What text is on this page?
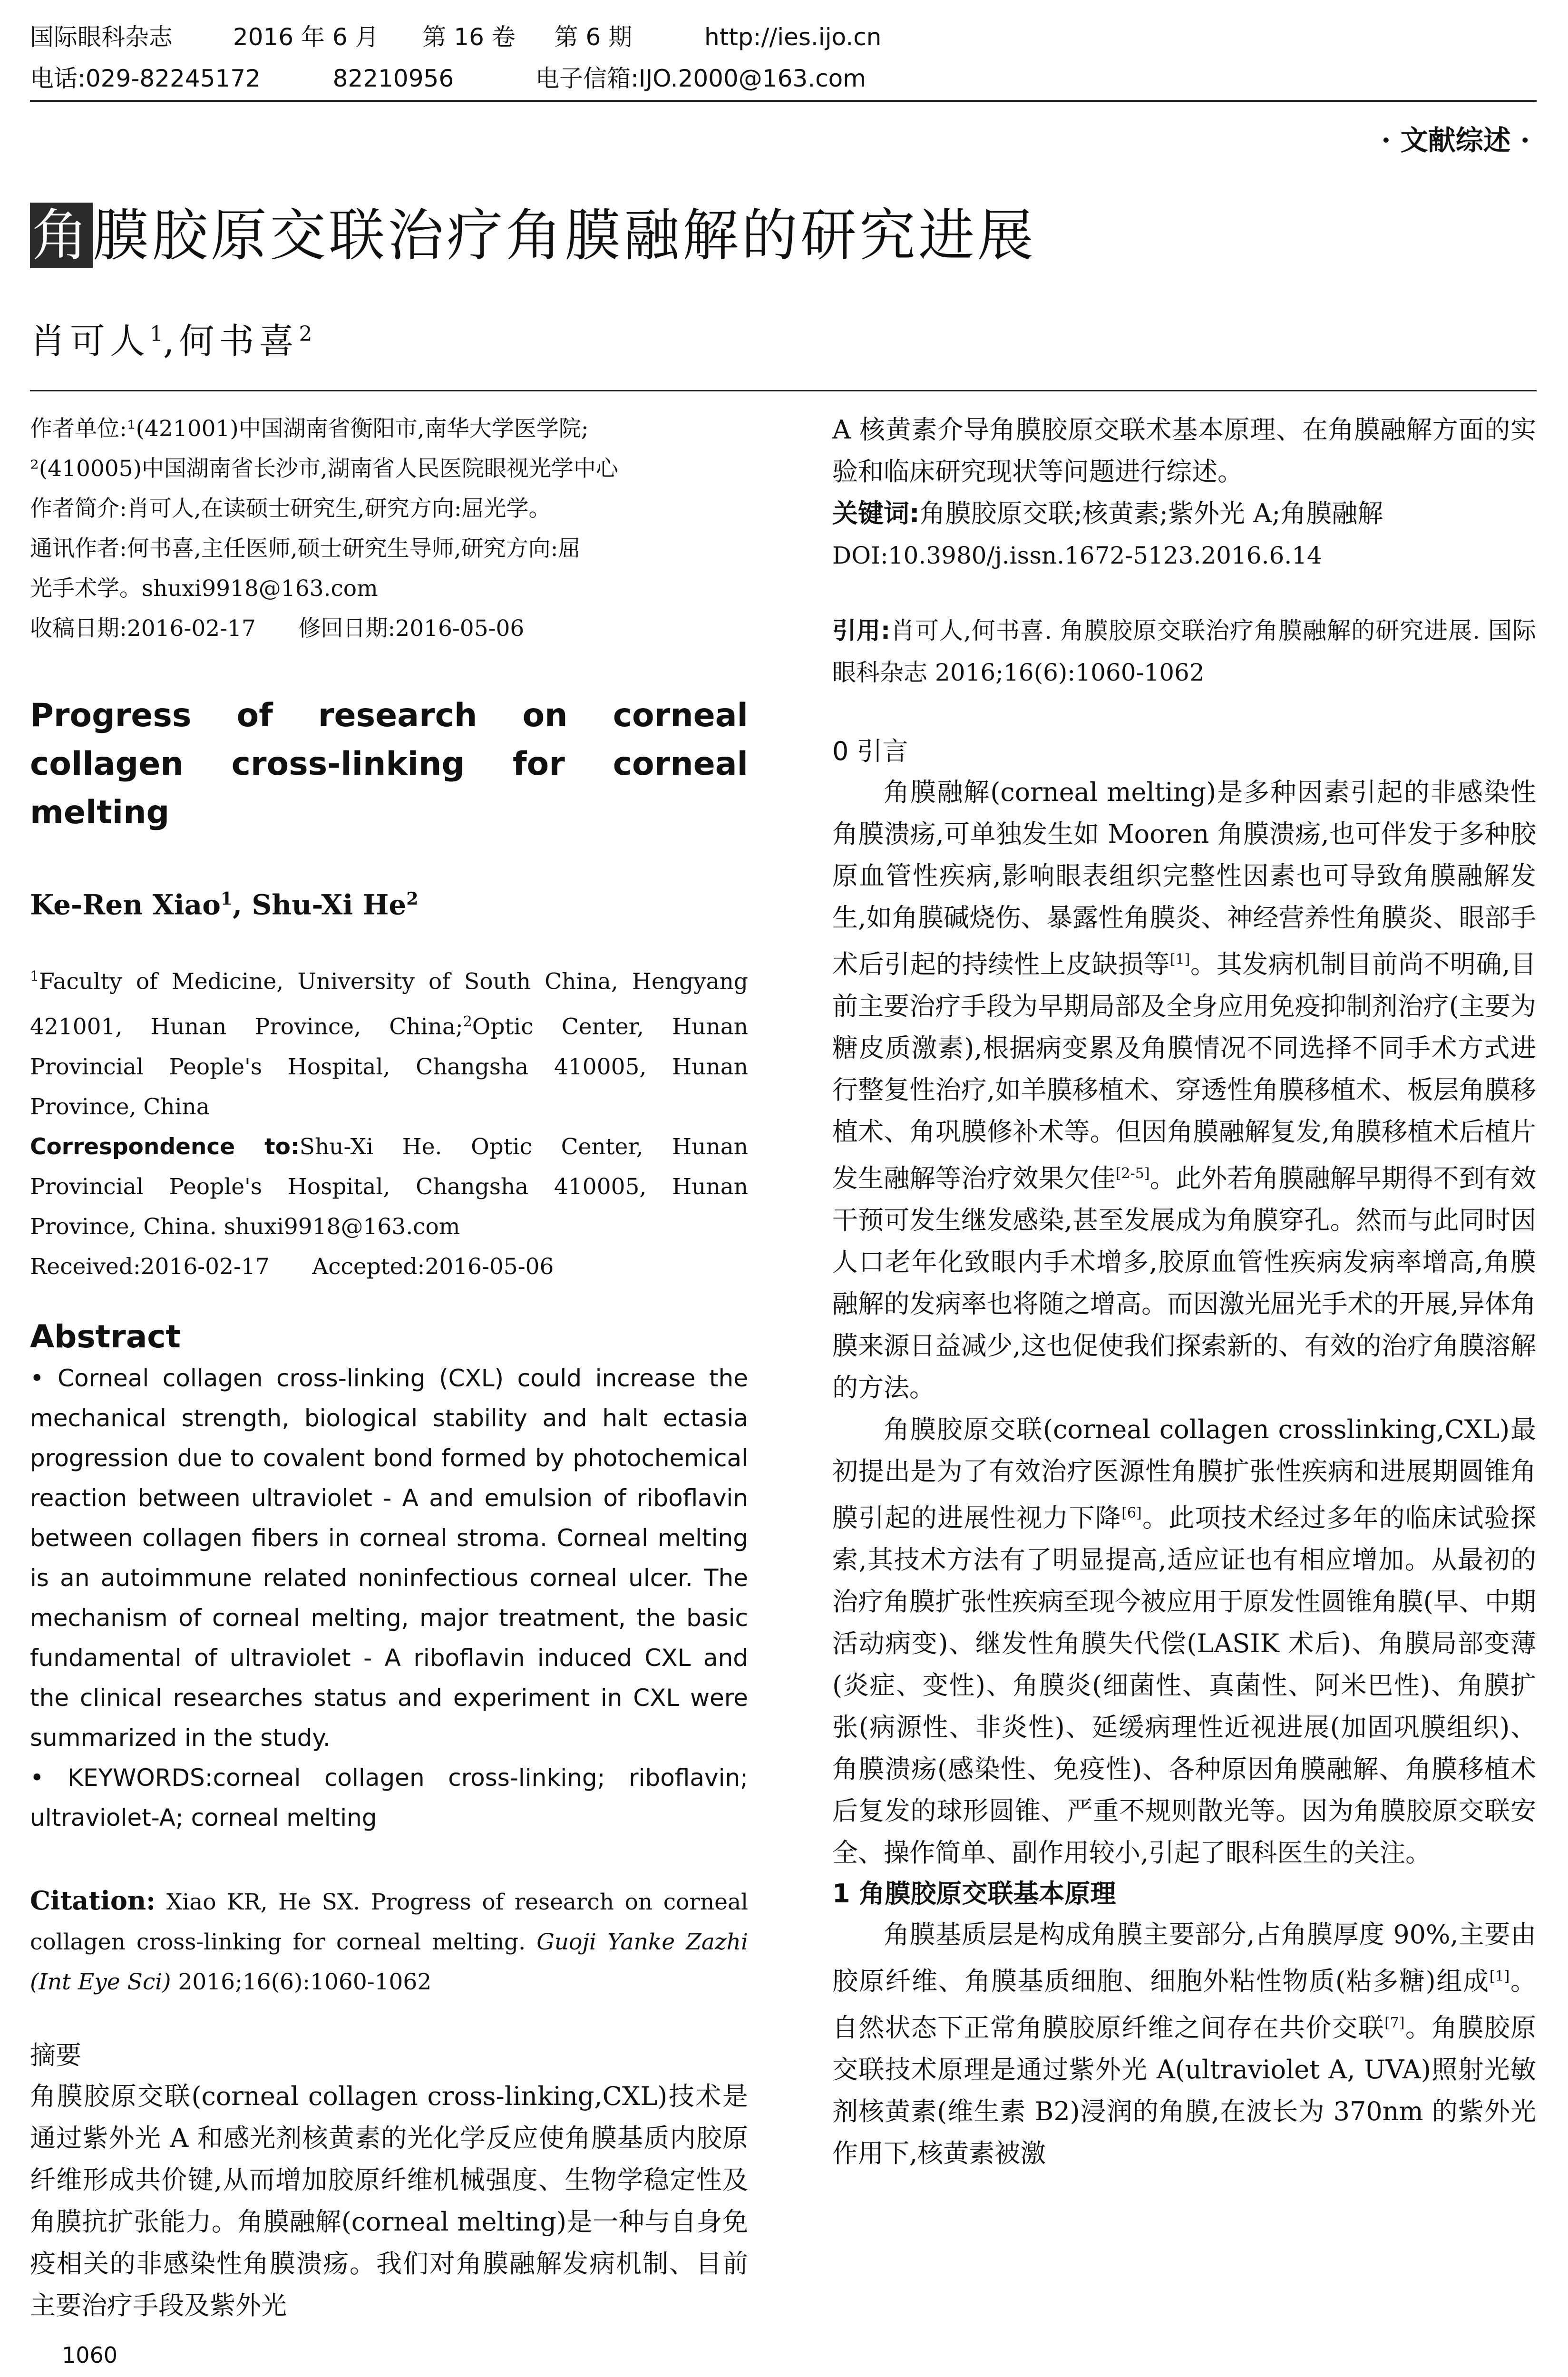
国际眼科杂志	2016 年 6 月 第 16 卷 第 6 期	http://ies.ijo.cn
电话:029-82245172	82210956	电子信箱:IJO.2000@163.com
· 文献综述 ·
角膜胶原交联治疗角膜融解的研究进展
肖可人$^1$,何书喜$^2$
作者单位:¹(421001)中国湖南省衡阳市,南华大学医学院;
²(410005)中国湖南省长沙市,湖南省人民医院眼视光学中心
作者简介:肖可人,在读硕士研究生,研究方向:屈光学。
通讯作者:何书喜,主任医师,硕士研究生导师,研究方向:屈
光手术学。shuxi9918@163.com
收稿日期:2016-02-17      修回日期:2016-05-06
Progress of research on corneal collagen cross-linking for corneal melting
Ke-Ren Xiao$^1$, Shu-Xi He$^2$
$^1$Faculty of Medicine, University of South China, Hengyang 421001, Hunan Province, China;$^2$Optic Center, Hunan Provincial People's Hospital, Changsha 410005, Hunan Province, China
Correspondence to:Shu-Xi He. Optic Center, Hunan Provincial People's Hospital, Changsha 410005, Hunan Province, China. shuxi9918@163.com
Received:2016-02-17      Accepted:2016-05-06
Abstract
• Corneal collagen cross-linking (CXL) could increase the mechanical strength, biological stability and halt ectasia progression due to covalent bond formed by photochemical reaction between ultraviolet - A and emulsion of riboflavin between collagen fibers in corneal stroma. Corneal melting is an autoimmune related noninfectious corneal ulcer. The mechanism of corneal melting, major treatment, the basic fundamental of ultraviolet - A riboflavin induced CXL and the clinical researches status and experiment in CXL were summarized in the study.
• KEYWORDS:corneal collagen cross-linking; riboflavin; ultraviolet-A; corneal melting
Citation: Xiao KR, He SX. Progress of research on corneal collagen cross-linking for corneal melting. Guoji Yanke Zazhi (Int Eye Sci) 2016;16(6):1060-1062
摘要

角膜胶原交联(corneal collagen cross-linking,CXL)技术是通过紫外光 A 和感光剂核黄素的光化学反应使角膜基质内胶原纤维形成共价键,从而增加胶原纤维机械强度、生物学稳定性及角膜抗扩张能力。角膜融解(corneal melting)是一种与自身免疫相关的非感染性角膜溃疡。我们对角膜融解发病机制、目前主要治疗手段及紫外光

1060

A 核黄素介导角膜胶原交联术基本原理、在角膜融解方面的实验和临床研究现状等问题进行综述。

关键词:角膜胶原交联;核黄素;紫外光 A;角膜融解

DOI:10.3980/j.issn.1672-5123.2016.6.14

引用:肖可人,何书喜. 角膜胶原交联治疗角膜融解的研究进展. 国际眼科杂志 2016;16(6):1060-1062

0 引言

角膜融解(corneal melting)是多种因素引起的非感染性角膜溃疡,可单独发生如 Mooren 角膜溃疡,也可伴发于多种胶原血管性疾病,影响眼表组织完整性因素也可导致角膜融解发生,如角膜碱烧伤、暴露性角膜炎、神经营养性角膜炎、眼部手术后引起的持续性上皮缺损等[1]。其发病机制目前尚不明确,目前主要治疗手段为早期局部及全身应用免疫抑制剂治疗(主要为糖皮质激素),根据病变累及角膜情况不同选择不同手术方式进行整复性治疗,如羊膜移植术、穿透性角膜移植术、板层角膜移植术、角巩膜修补术等。但因角膜融解复发,角膜移植术后植片发生融解等治疗效果欠佳[2-5]。此外若角膜融解早期得不到有效干预可发生继发感染,甚至发展成为角膜穿孔。然而与此同时因人口老年化致眼内手术增多,胶原血管性疾病发病率增高,角膜融解的发病率也将随之增高。而因激光屈光手术的开展,异体角膜来源日益减少,这也促使我们探索新的、有效的治疗角膜溶解的方法。

角膜胶原交联(corneal collagen crosslinking,CXL)最初提出是为了有效治疗医源性角膜扩张性疾病和进展期圆锥角膜引起的进展性视力下降[6]。此项技术经过多年的临床试验探索,其技术方法有了明显提高,适应证也有相应增加。从最初的治疗角膜扩张性疾病至现今被应用于原发性圆锥角膜(早、中期活动病变)、继发性角膜失代偿(LASIK 术后)、角膜局部变薄(炎症、变性)、角膜炎(细菌性、真菌性、阿米巴性)、角膜扩张(病源性、非炎性)、延缓病理性近视进展(加固巩膜组织)、角膜溃疡(感染性、免疫性)、各种原因角膜融解、角膜移植术后复发的球形圆锥、严重不规则散光等。因为角膜胶原交联安全、操作简单、副作用较小,引起了眼科医生的关注。

1 角膜胶原交联基本原理

角膜基质层是构成角膜主要部分,占角膜厚度 90%,主要由胶原纤维、角膜基质细胞、细胞外粘性物质(粘多糖)组成[1]。自然状态下正常角膜胶原纤维之间存在共价交联[7]。角膜胶原交联技术原理是通过紫外光 A(ultraviolet A, UVA)照射光敏剂核黄素(维生素 B2)浸润的角膜,在波长为 370nm 的紫外光作用下,核黄素被激
